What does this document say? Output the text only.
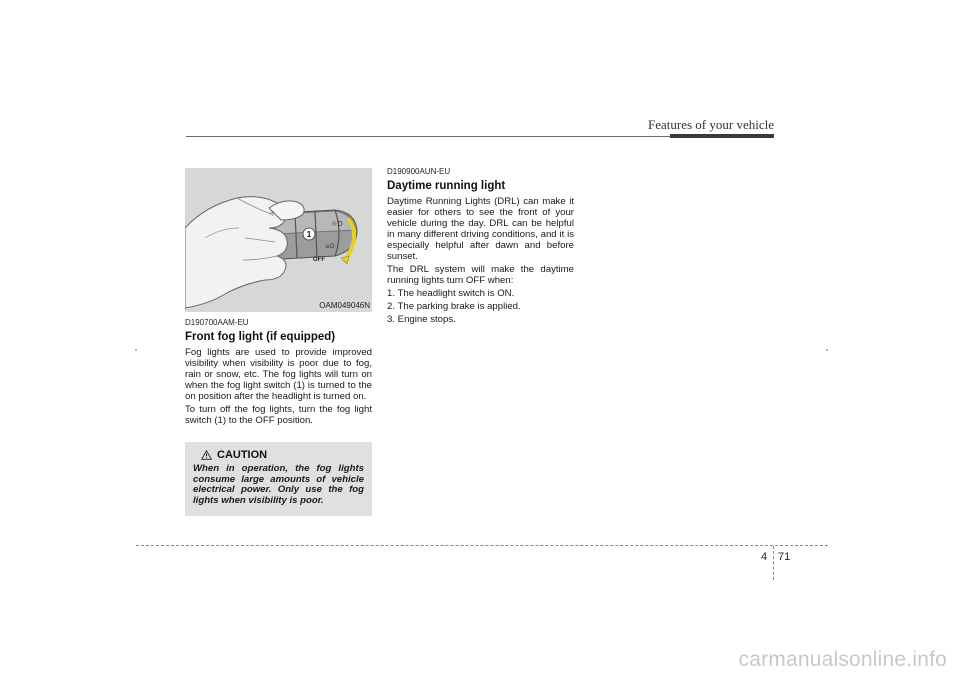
Features of your vehicle
☼D
≡D
☼
1
OFF
OAM049046N
D190700AAM-EU
Front fog light (if equipped)

Fog lights are used to provide improved visibility when visibility is poor due to fog, rain or snow, etc. The fog lights will turn on when the fog light switch (1) is turned to the on position after the headlight is turned on.

To turn off the fog lights, turn the fog light switch (1) to the OFF position.

CAUTION

When in operation, the fog lights consume large amounts of vehicle electrical power. Only use the fog lights when visibility is poor.

D190900AUN-EU
Daytime running light

Daytime Running Lights (DRL) can make it easier for others to see the front of your vehicle during the day. DRL can be helpful in many different driving conditions, and it is especially helpful after dawn and before sunset.

The DRL system will make the daytime running lights turn OFF when:

1. The headlight switch is ON.
2. The parking brake is applied.
3. Engine stops.
4 71
carmanualsonline.info
